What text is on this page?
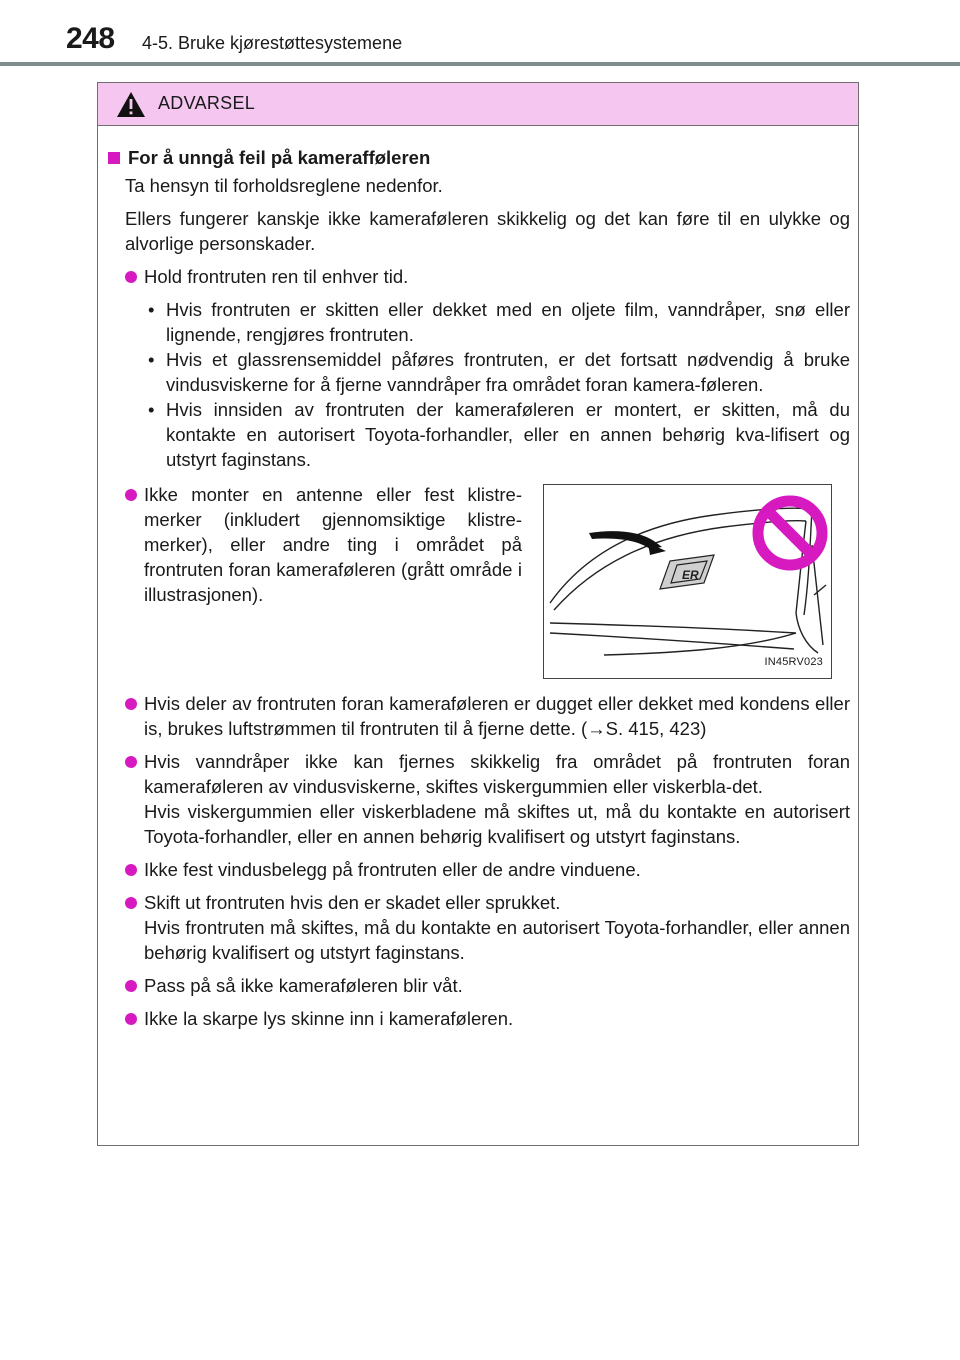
248 4-5. Bruke kjørestøttesystemene
ADVARSEL
For å unngå feil på kamerafføleren
Ta hensyn til forholdsreglene nedenfor.
Ellers fungerer kanskje ikke kameraføleren skikkelig og det kan føre til en ulykke og alvorlige personskader.
Hold frontruten ren til enhver tid.
• Hvis frontruten er skitten eller dekket med en oljete film, vanndråper, snø eller lignende, rengjøres frontruten.
• Hvis et glassrensemiddel påføres frontruten, er det fortsatt nødvendig å bruke vindusviskerne for å fjerne vanndråper fra området foran kamera-føleren.
• Hvis innsiden av frontruten der kameraføleren er montert, er skitten, må du kontakte en autorisert Toyota-forhandler, eller en annen behørig kva-lifisert og utstyrt faginstans.
Ikke monter en antenne eller fest klistre-merker (inkludert gjennomsiktige klistre-merker), eller andre ting i området på frontruten foran kameraføleren (grått område i illustrasjonen).
ER
IN45RV023
Hvis deler av frontruten foran kameraføleren er dugget eller dekket med kondens eller is, brukes luftstrømmen til frontruten til å fjerne dette. (→S. 415, 423)
Hvis vanndråper ikke kan fjernes skikkelig fra området på frontruten foran kameraføleren av vindusviskerne, skiftes viskergummien eller viskerbla-det.
Hvis viskergummien eller viskerbladene må skiftes ut, må du kontakte en autorisert Toyota-forhandler, eller en annen behørig kvalifisert og utstyrt faginstans.
Ikke fest vindusbelegg på frontruten eller de andre vinduene.
Skift ut frontruten hvis den er skadet eller sprukket.
Hvis frontruten må skiftes, må du kontakte en autorisert Toyota-forhandler, eller annen behørig kvalifisert og utstyrt faginstans.
Pass på så ikke kameraføleren blir våt.
Ikke la skarpe lys skinne inn i kameraføleren.
